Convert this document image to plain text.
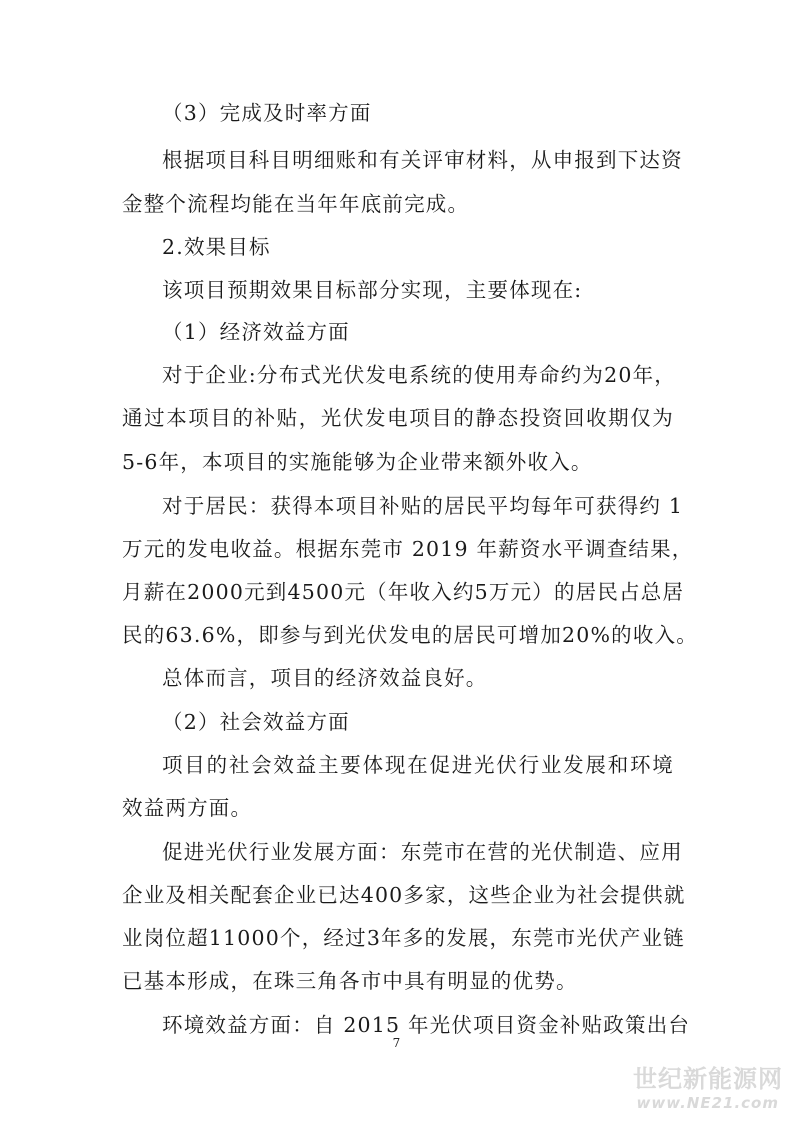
（3）完成及时率方面

根据项目科目明细账和有关评审材料，从申报到下达资

金整个流程均能在当年年底前完成。

2.效果目标

该项目预期效果目标部分实现，主要体现在:

（1）经济效益方面

对于企业:分布式光伏发电系统的使用寿命约为20年，

通过本项目的补贴，光伏发电项目的静态投资回收期仅为

5-6年，本项目的实施能够为企业带来额外收入。

对于居民：获得本项目补贴的居民平均每年可获得约 1

万元的发电收益。根据东莞市 2019 年薪资水平调查结果，

月薪在2000元到4500元（年收入约5万元）的居民占总居

民的63.6%，即参与到光伏发电的居民可增加20%的收入。

总体而言，项目的经济效益良好。

（2）社会效益方面

项目的社会效益主要体现在促进光伏行业发展和环境

效益两方面。

促进光伏行业发展方面：东莞市在营的光伏制造、应用

企业及相关配套企业已达400多家，这些企业为社会提供就

业岗位超11000个，经过3年多的发展，东莞市光伏产业链

已基本形成，在珠三角各市中具有明显的优势。

环境效益方面：自 2015 年光伏项目资金补贴政策出台

7
世纪新能源网
www.NE21.com
